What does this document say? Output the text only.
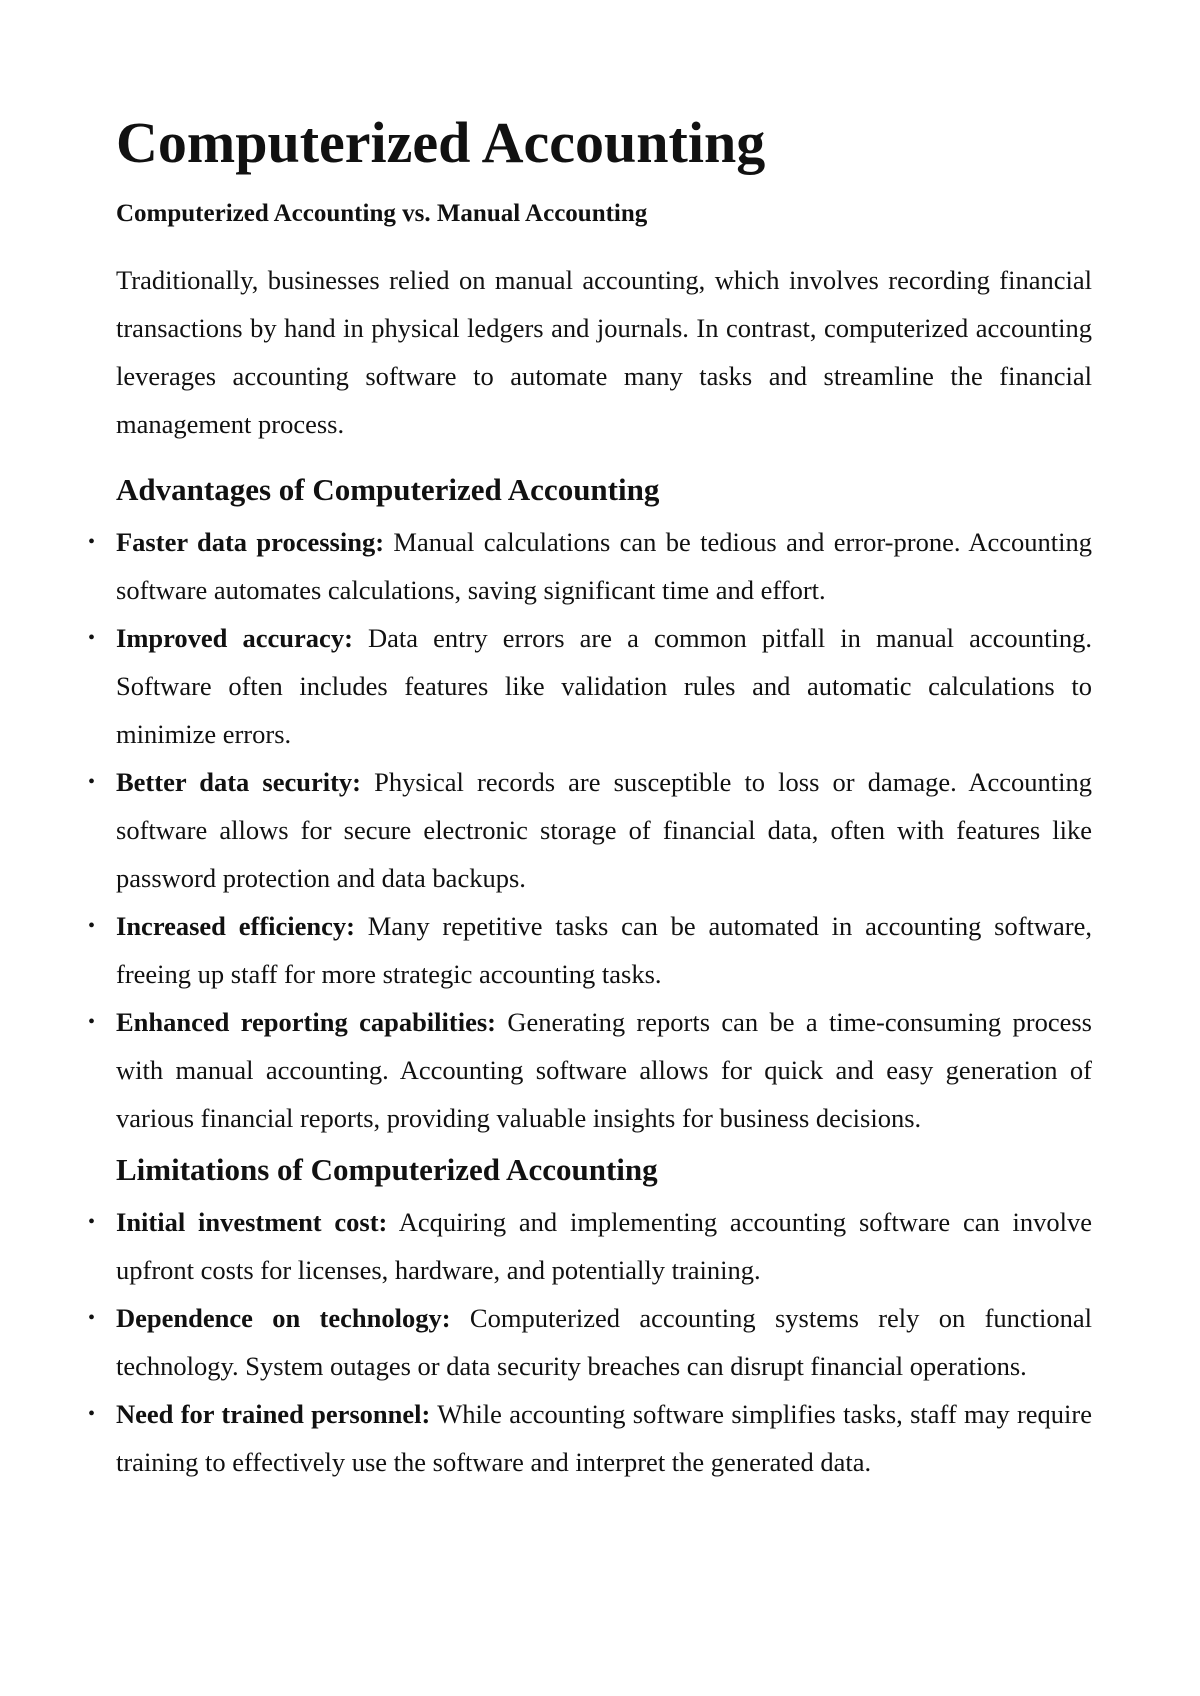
Computerized Accounting
Computerized Accounting vs. Manual Accounting

Traditionally, businesses relied on manual accounting, which involves recording financial transactions by hand in physical ledgers and journals. In contrast, computerized accounting leverages accounting software to automate many tasks and streamline the financial management process.

Advantages of Computerized Accounting
• Faster data processing: Manual calculations can be tedious and error-prone. Accounting software automates calculations, saving significant time and effort.
• Improved accuracy: Data entry errors are a common pitfall in manual accounting. Software often includes features like validation rules and automatic calculations to minimize errors.
• Better data security: Physical records are susceptible to loss or damage. Accounting software allows for secure electronic storage of financial data, often with features like password protection and data backups.
• Increased efficiency: Many repetitive tasks can be automated in accounting software, freeing up staff for more strategic accounting tasks.
• Enhanced reporting capabilities: Generating reports can be a time-consuming process with manual accounting. Accounting software allows for quick and easy generation of various financial reports, providing valuable insights for business decisions.
Limitations of Computerized Accounting
• Initial investment cost: Acquiring and implementing accounting software can involve upfront costs for licenses, hardware, and potentially training.
• Dependence on technology: Computerized accounting systems rely on functional technology. System outages or data security breaches can disrupt financial operations.
• Need for trained personnel: While accounting software simplifies tasks, staff may require training to effectively use the software and interpret the generated data.
